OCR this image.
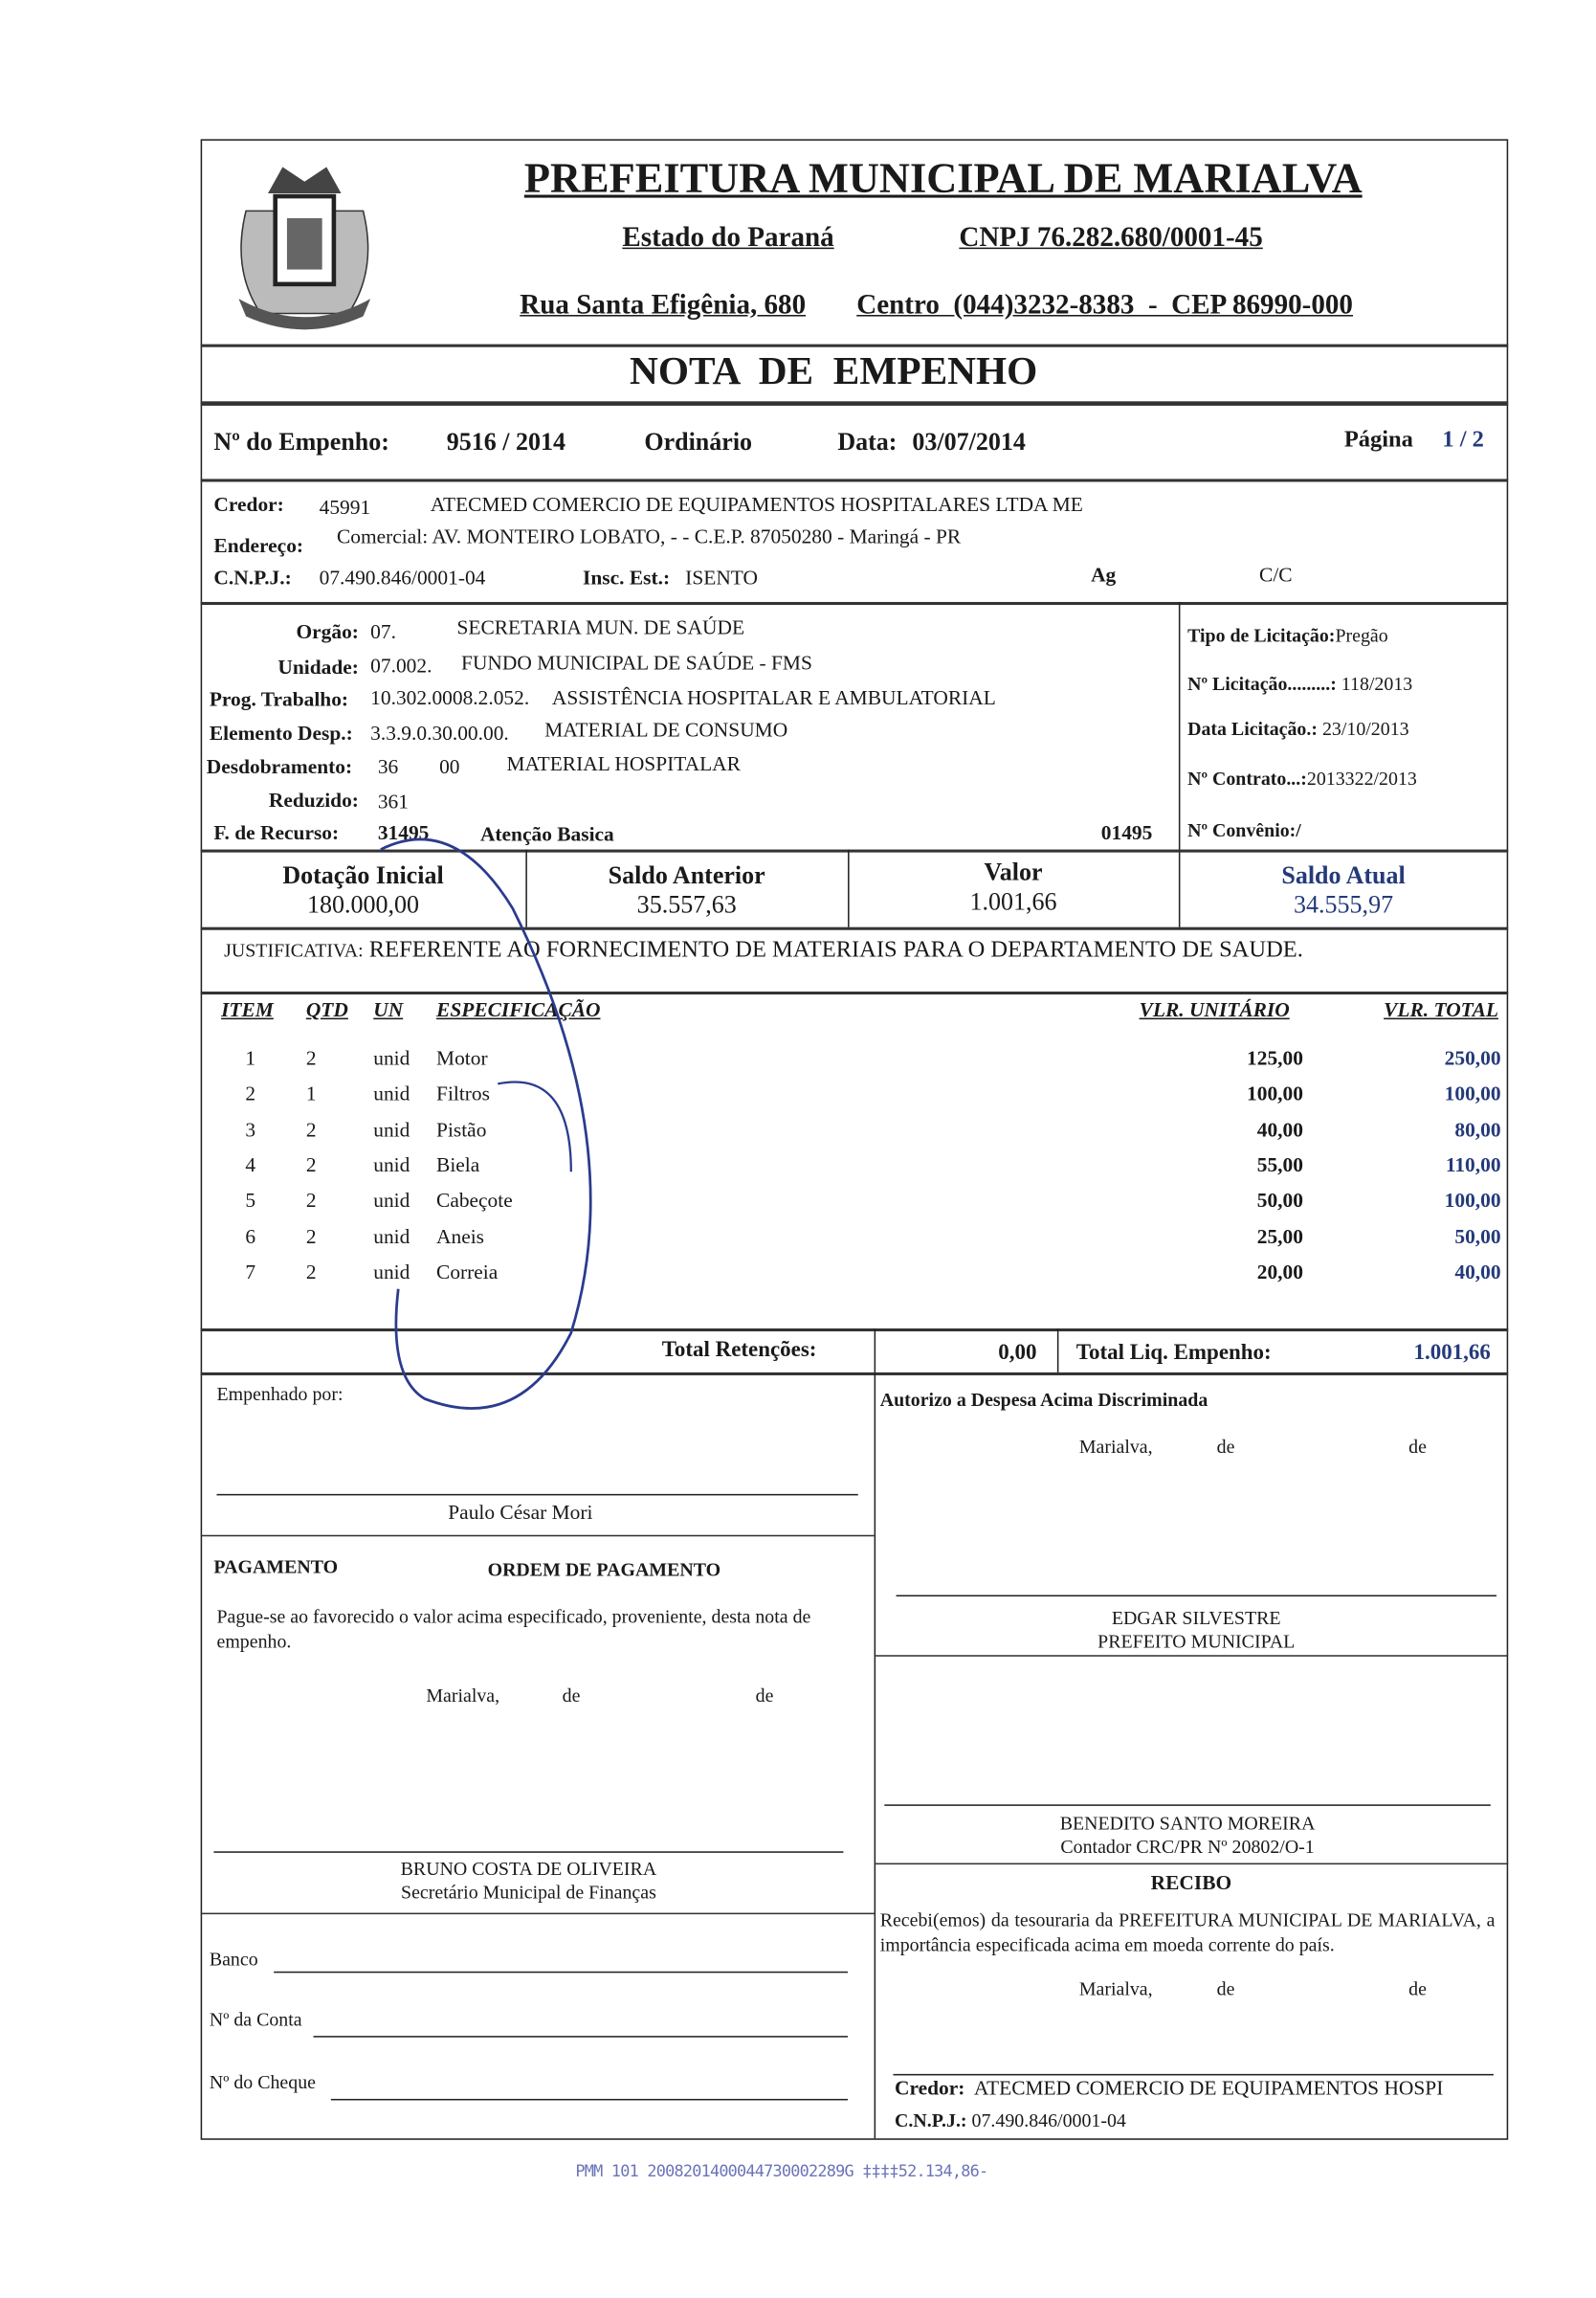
PREFEITURA MUNICIPAL DE MARIALVA
Estado do Paraná	CNPJ 76.282.680/0001-45
Rua Santa Efigênia, 680	Centro  (044)3232-8383  -  CEP 86990-000
NOTA  DE  EMPENHO
Nº do Empenho:	9516 / 2014	Ordinário	Data: 03/07/2014	Página 1 / 2
Credor:	45991	ATECMED COMERCIO DE EQUIPAMENTOS HOSPITALARES LTDA ME
Endereço: Comercial: AV. MONTEIRO LOBATO, - - C.E.P. 87050280 - Maringá - PR
C.N.P.J.: 07.490.846/0001-04	Insc. Est.: ISENTO	Ag	C/C
Orgão: 07.	SECRETARIA MUN. DE SAÚDE
Unidade: 07.002. FUNDO MUNICIPAL DE SAÚDE - FMS
Prog. Trabalho: 10.302.0008.2.052. ASSISTÊNCIA HOSPITALAR E AMBULATORIAL
Elemento Desp.: 3.3.9.0.30.00.00.	MATERIAL DE CONSUMO
Desdobramento: 36	00	MATERIAL HOSPITALAR
Reduzido: 361
F. de Recurso:	31495	Atenção Basica	01495
Tipo de Licitação:Pregão
Nº Licitação.........: 118/2013
Data Licitação.: 23/10/2013
Nº Contrato...:2013322/2013
Nº Convênio:/
Dotação Inicial
180.000,00
Saldo Anterior
35.557,63
Valor
1.001,66
Saldo Atual
34.555,97
JUSTIFICATIVA: REFERENTE AO FORNECIMENTO DE MATERIAIS PARA O DEPARTAMENTO DE SAUDE.
ITEM QTD UN ESPECIFICAÇÃO	VLR. UNITÁRIO	VLR. TOTAL
1	2	unid	Motor	125,00	250,00
2	1	unid	Filtros	100,00	100,00
3	2	unid	Pistão	40,00	80,00
4	2	unid	Biela	55,00	110,00
5	2	unid	Cabeçote	50,00	100,00
6	2	unid	Aneis	25,00	50,00
7	2	unid	Correia	20,00	40,00
Total Retenções:	0,00	Total Liq. Empenho:	1.001,66
Empenhado por:
Paulo César Mori
Autorizo a Despesa Acima Discriminada
Marialva,	de	de
EDGAR SILVESTRE
PREFEITO MUNICIPAL
BENEDITO SANTO MOREIRA
Contador CRC/PR Nº 20802/O-1
RECIBO
Recebi(emos) da tesouraria da PREFEITURA MUNICIPAL DE MARIALVA, a importância especificada acima em moeda corrente do país.
Marialva,	de	de
Credor: ATECMED COMERCIO DE EQUIPAMENTOS HOSPI
C.N.P.J.: 07.490.846/0001-04
PAGAMENTO	ORDEM DE PAGAMENTO
Pague-se ao favorecido o valor acima especificado, proveniente, desta nota de empenho.
Marialva,	de	de
BRUNO COSTA DE OLIVEIRA
Secretário Municipal de Finanças
Banco
Nº da Conta
Nº do Cheque
PMM 101 2008201400044730002289G ‡‡‡‡52.134,86-
